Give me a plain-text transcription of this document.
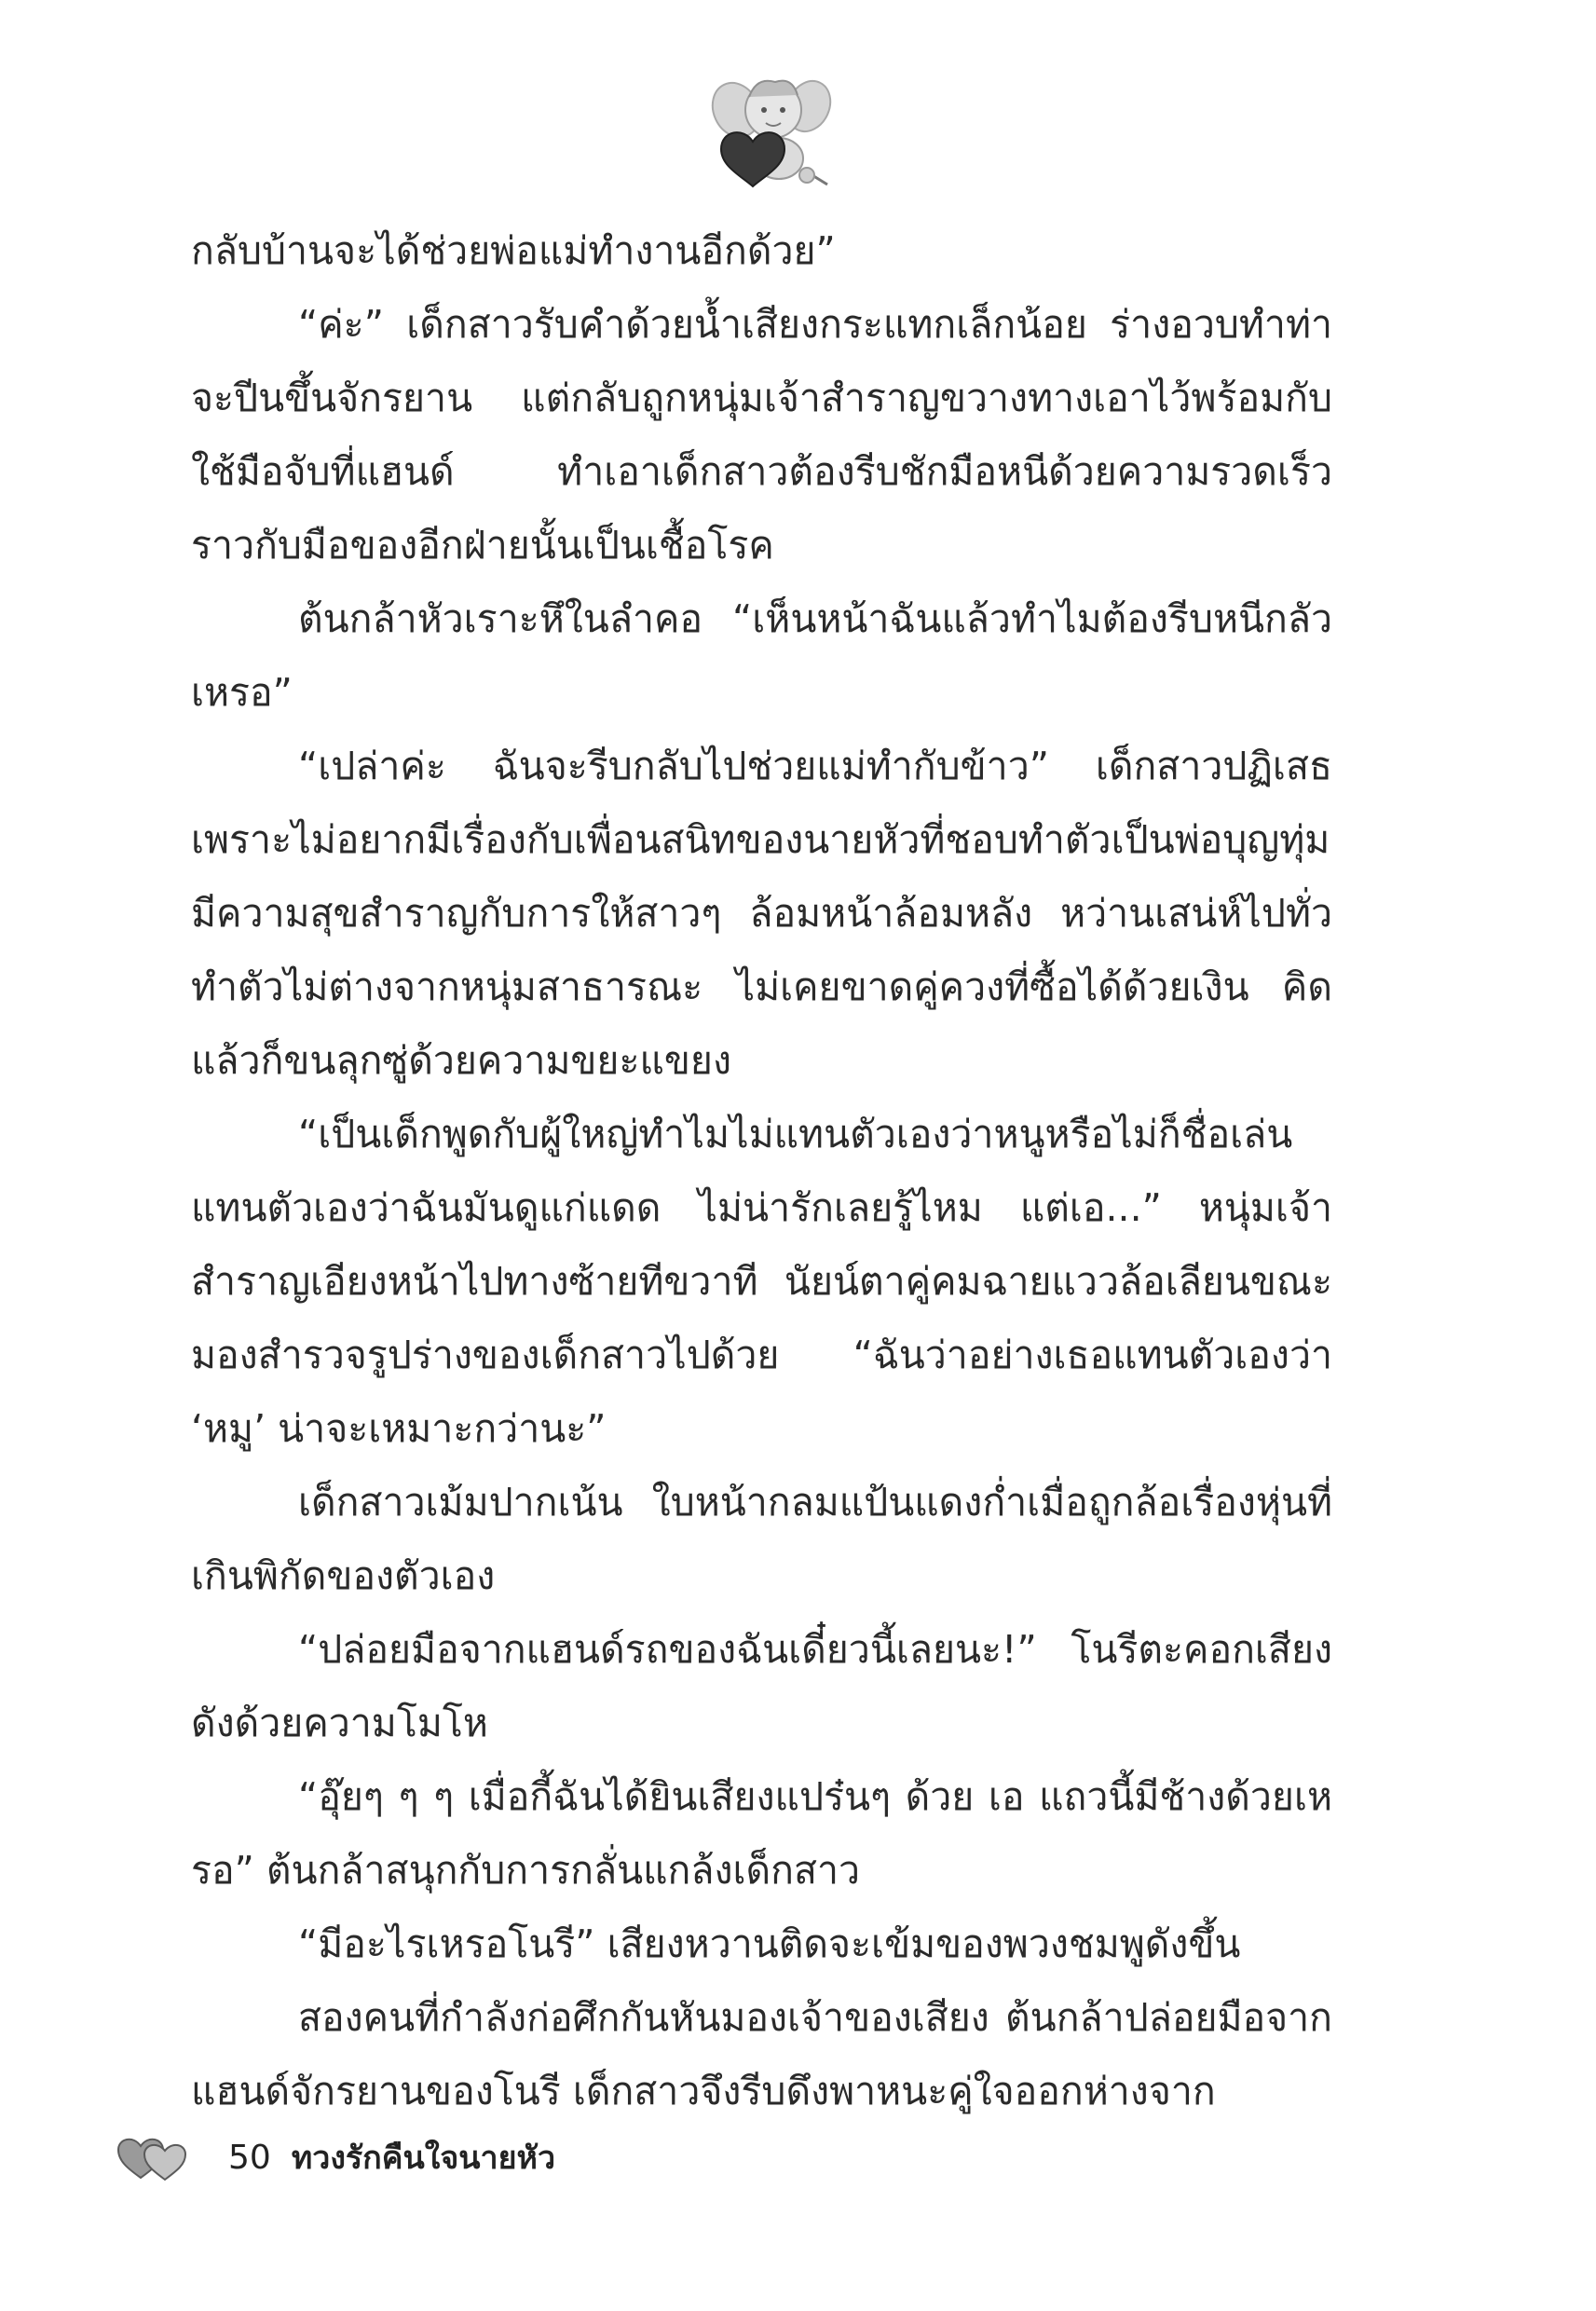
กลับบ้านจะได้ช่วยพ่อแม่ทำงานอีกด้วย”

“ค่ะ” เด็กสาวรับคำด้วยน้ำเสียงกระแทกเล็กน้อย ร่างอวบทำท่าจะปีนขึ้นจักรยาน แต่กลับถูกหนุ่มเจ้าสำราญขวางทางเอาไว้พร้อมกับใช้มือจับที่แฮนด์ ทำเอาเด็กสาวต้องรีบชักมือหนีด้วยความรวดเร็วราวกับมือของอีกฝ่ายนั้นเป็นเชื้อโรค

ต้นกล้าหัวเราะหึในลำคอ “เห็นหน้าฉันแล้วทำไมต้องรีบหนีกลัวเหรอ”

“เปล่าค่ะ ฉันจะรีบกลับไปช่วยแม่ทำกับข้าว” เด็กสาวปฏิเสธเพราะไม่อยากมีเรื่องกับเพื่อนสนิทของนายหัวที่ชอบทำตัวเป็นพ่อบุญทุ่มมีความสุขสำราญกับการให้สาวๆ ล้อมหน้าล้อมหลัง หว่านเสน่ห์ไปทั่วทำตัวไม่ต่างจากหนุ่มสาธารณะ ไม่เคยขาดคู่ควงที่ซื้อได้ด้วยเงิน คิดแล้วก็ขนลุกซู่ด้วยความขยะแขยง

“เป็นเด็กพูดกับผู้ใหญ่ทำไมไม่แทนตัวเองว่าหนูหรือไม่ก็ชื่อเล่นแทนตัวเองว่าฉันมันดูแก่แดด ไม่น่ารักเลยรู้ไหม แต่เอ...” หนุ่มเจ้าสำราญเอียงหน้าไปทางซ้ายทีขวาที นัยน์ตาคู่คมฉายแววล้อเลียนขณะมองสำรวจรูปร่างของเด็กสาวไปด้วย “ฉันว่าอย่างเธอแทนตัวเองว่า ‘หมู’ น่าจะเหมาะกว่านะ”

เด็กสาวเม้มปากเน้น ใบหน้ากลมแป้นแดงก่ำเมื่อถูกล้อเรื่องหุ่นที่เกินพิกัดของตัวเอง

“ปล่อยมือจากแฮนด์รถของฉันเดี๋ยวนี้เลยนะ!” โนรีตะคอกเสียงดังด้วยความโมโห

“อุ๊ยๆ ๆ ๆ เมื่อกี้ฉันได้ยินเสียงแปร๋นๆ ด้วย เอ แถวนี้มีช้างด้วยเหรอ” ต้นกล้าสนุกกับการกลั่นแกล้งเด็กสาว

“มีอะไรเหรอโนรี” เสียงหวานติดจะเข้มของพวงชมพูดังขึ้น

สองคนที่กำลังก่อศึกกันหันมองเจ้าของเสียง ต้นกล้าปล่อยมือจากแฮนด์จักรยานของโนรี เด็กสาวจึงรีบดึงพาหนะคู่ใจออกห่างจาก

50 ทวงรักคืนใจนายหัว
